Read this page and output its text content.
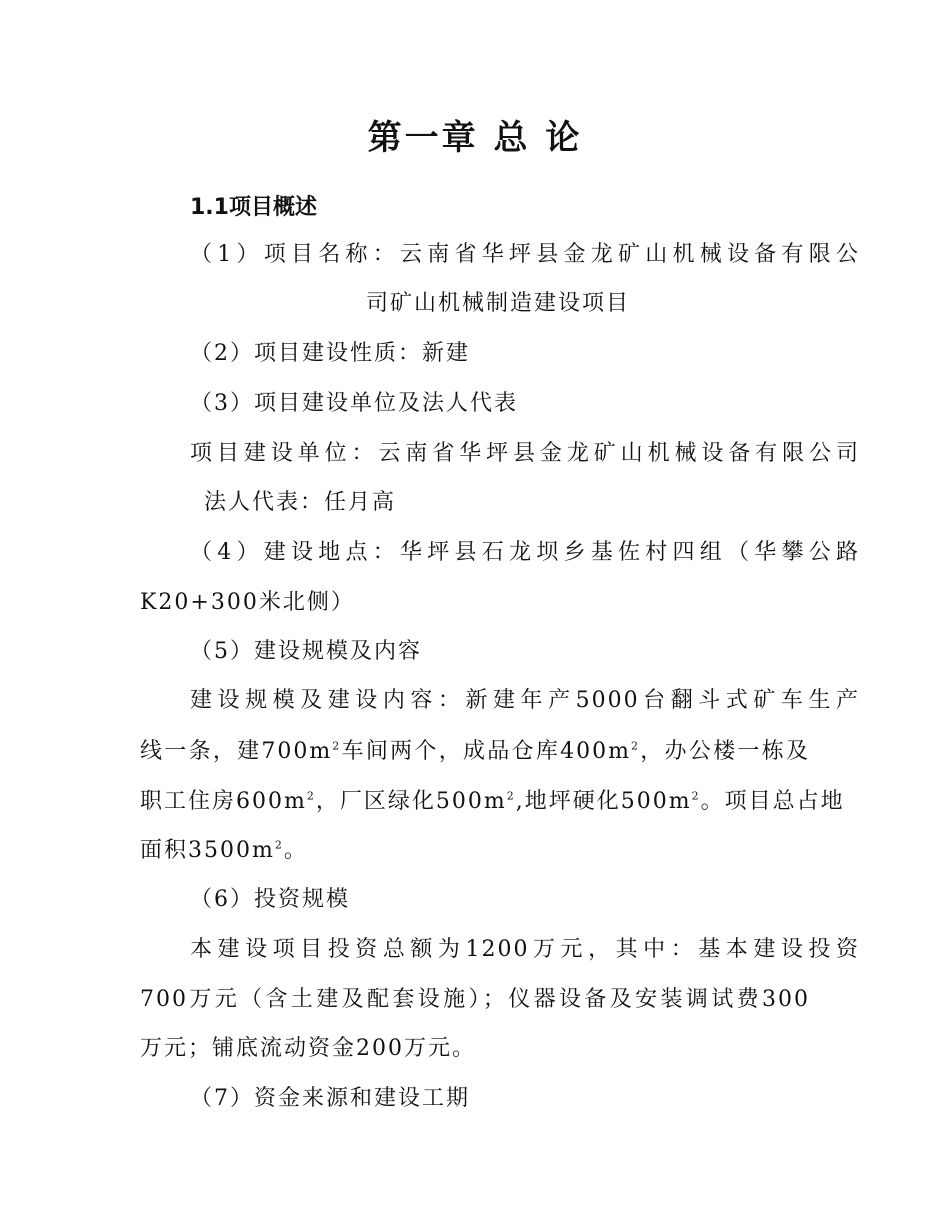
第一章 总 论
1.1项目概述
（1）项目名称：云南省华坪县金龙矿山机械设备有限公
司矿山机械制造建设项目
（2）项目建设性质：新建
（3）项目建设单位及法人代表
项目建设单位：云南省华坪县金龙矿山机械设备有限公司
法人代表：任月高
（4）建设地点：华坪县石龙坝乡基佐村四组（华攀公路
K20+300米北侧）
（5）建设规模及内容
建设规模及建设内容：新建年产5000台翻斗式矿车生产
线一条，建$700m^2$车间两个，成品仓库$400m^2$，办公楼一栋及
职工住房$600m^2$，厂区绿化$500m^2$,地坪硬化$500m^2$。项目总占地
面积$3500m^2$。
（6）投资规模
本建设项目投资总额为1200万元，其中：基本建设投资
700万元（含土建及配套设施）；仪器设备及安装调试费300
万元；铺底流动资金200万元。
（7）资金来源和建设工期
